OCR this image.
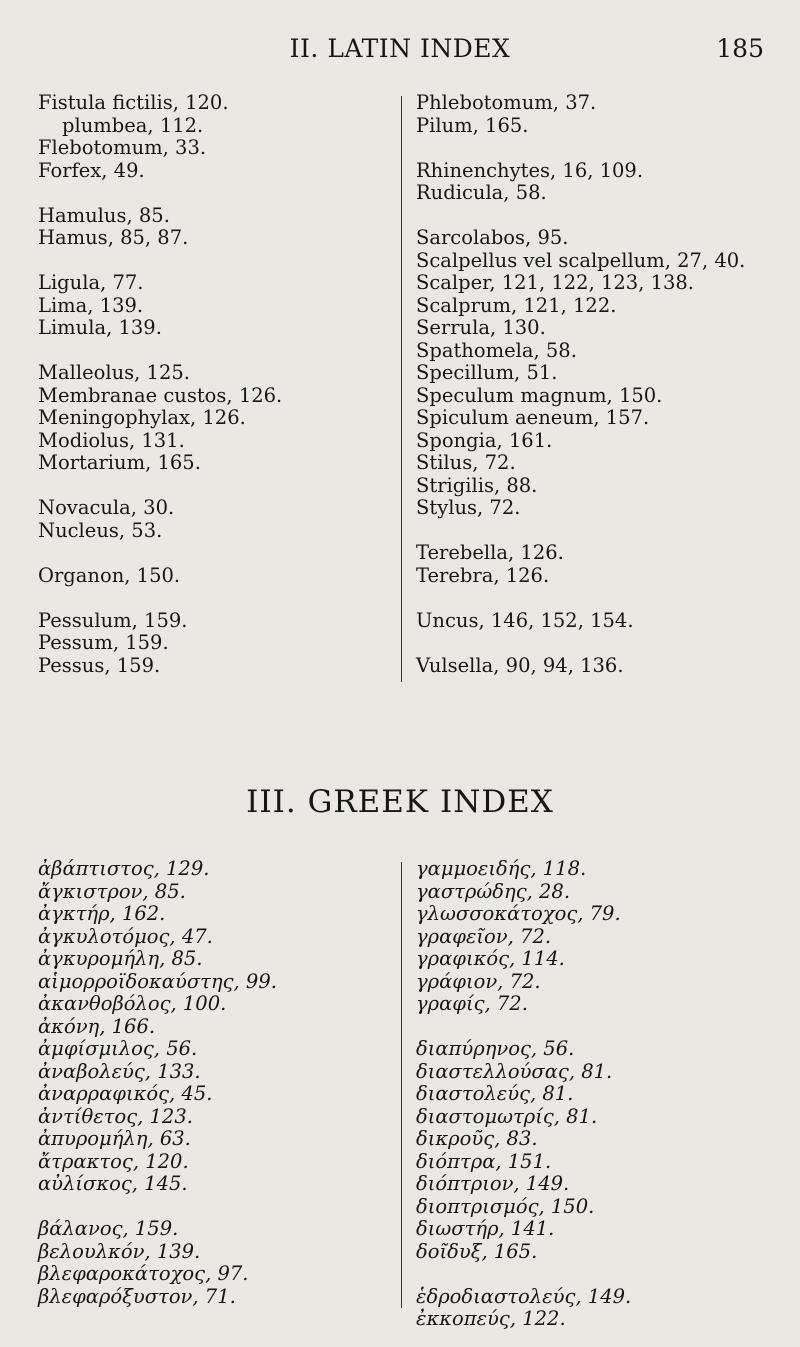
II. LATIN INDEX	185
Fistula fictilis, 120.
plumbea, 112.
Flebotomum, 33.
Forfex, 49.
Hamulus, 85.
Hamus, 85, 87.
Ligula, 77.
Lima, 139.
Limula, 139.
Malleolus, 125.
Membranae custos, 126.
Meningophylax, 126.
Modiolus, 131.
Mortarium, 165.
Novacula, 30.
Nucleus, 53.
Organon, 150.
Pessulum, 159.
Pessum, 159.
Pessus, 159.
Phlebotomum, 37.
Pilum, 165.
Rhinenchytes, 16, 109.
Rudicula, 58.
Sarcolabos, 95.
Scalpellus vel scalpellum, 27, 40.
Scalper, 121, 122, 123, 138.
Scalprum, 121, 122.
Serrula, 130.
Spathomela, 58.
Specillum, 51.
Speculum magnum, 150.
Spiculum aeneum, 157.
Spongia, 161.
Stilus, 72.
Strigilis, 88.
Stylus, 72.
Terebella, 126.
Terebra, 126.
Uncus, 146, 152, 154.
Vulsella, 90, 94, 136.
III. GREEK INDEX
ἀβάπτιστος, 129.
ἄγκιστρον, 85.
ἀγκτήρ, 162.
ἀγκυλοτόμος, 47.
ἀγκυρομήλη, 85.
αἱμορροϊδοκαύστης, 99.
ἀκανθοβόλος, 100.
ἀκόνη, 166.
ἀμφίσμιλος, 56.
ἀναβολεύς, 133.
ἀναρραφικός, 45.
ἀντίθετος, 123.
ἀπυρομήλη, 63.
ἄτρακτος, 120.
αὐλίσκος, 145.
βάλανος, 159.
βελουλκόν, 139.
βλεφαροκάτοχος, 97.
βλεφαρόξυστον, 71.
γαμμοειδής, 118.
γαστρώδης, 28.
γλωσσοκάτοχος, 79.
γραφεῖον, 72.
γραφικός, 114.
γράφιον, 72.
γραφίς, 72.
διαπύρηνος, 56.
διαστελλούσας, 81.
διαστολεύς, 81.
διαστομωτρίς, 81.
δικροῦς, 83.
διόπτρα, 151.
διόπτριον, 149.
διοπτρισμός, 150.
διωστήρ, 141.
δοῖδυξ, 165.
ἑδροδιαστολεύς, 149.
ἐκκοπεύς, 122.
